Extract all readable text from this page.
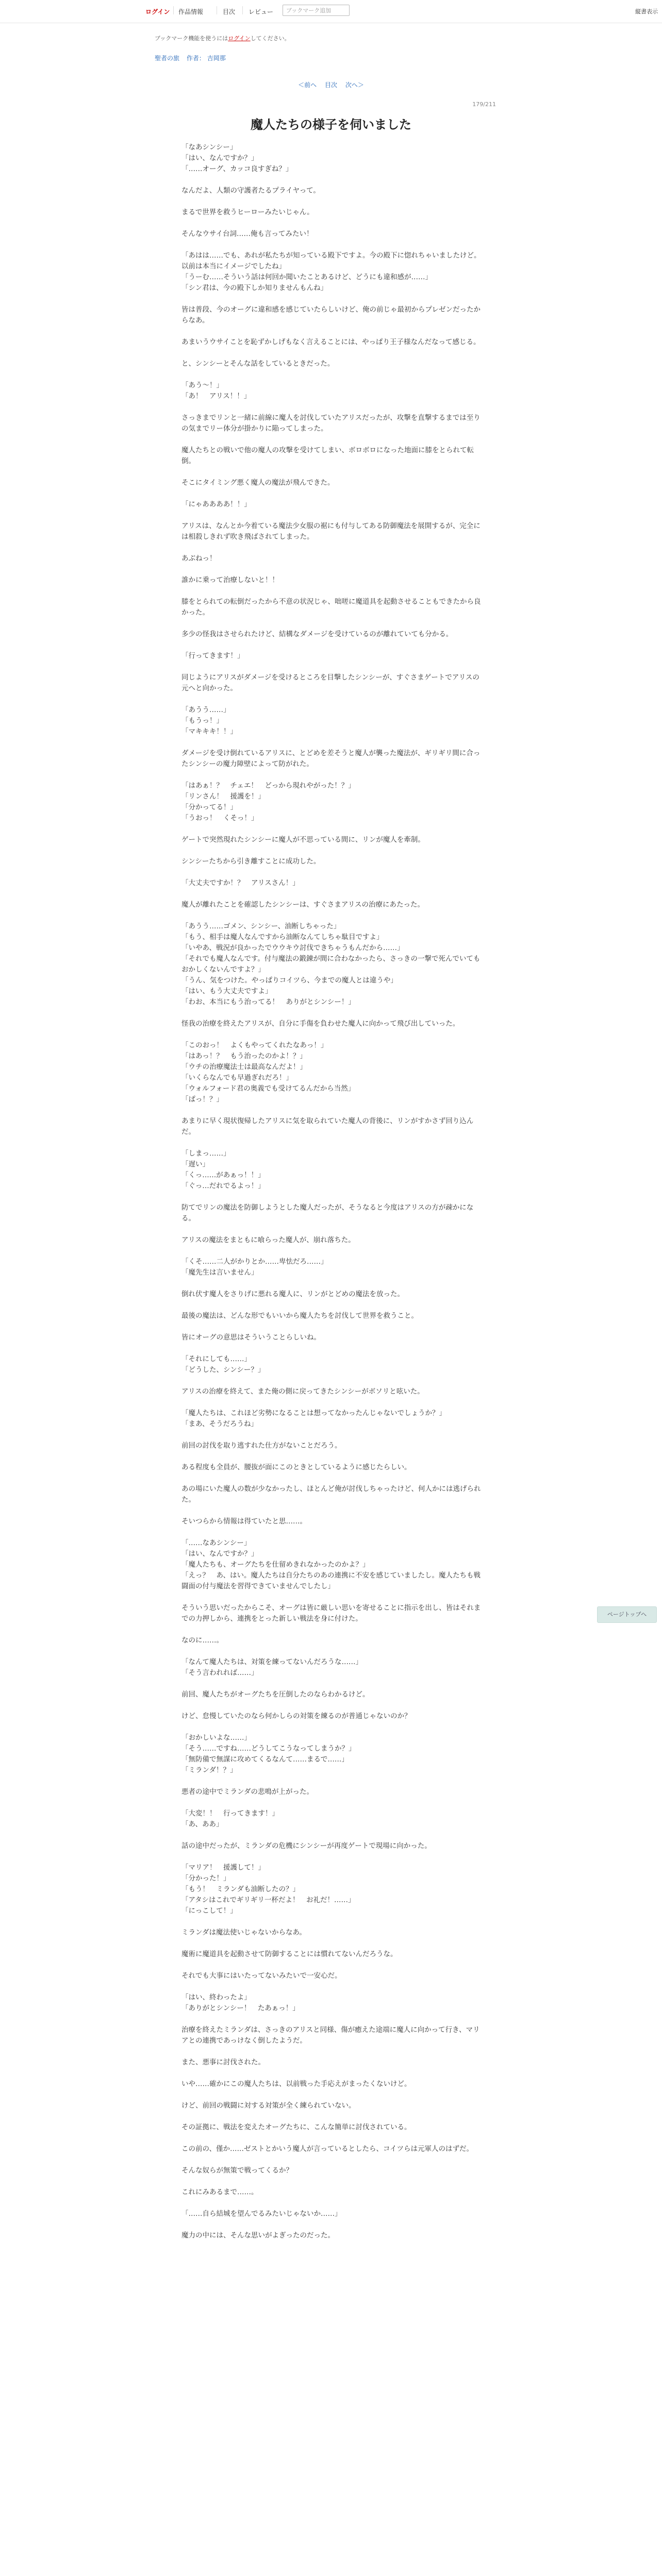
ログイン 作品情報	目次 レビュー	ブックマーク追加	縦書表示
ブックマーク機能を使うにはログインしてください。
聖者の旅 作者： 吉岡那
＜前へ 目次 次へ＞
179/211
魔人たちの様子を伺いました

「なあシンシー」
「はい、なんですか？」
「……オーグ、カッコ良すぎね？」

なんだよ、人類の守護者たるプライヤって。

まるで世界を救うヒーローみたいじゃん。

そんなウサイ台詞……俺も言ってみたい！

「あはは……でも、あれが私たちが知っている殿下ですよ。今の殿下に惚れちゃいましたけど。以前は本当にイメージでしたね」
「うーむ……そういう話は何回か聞いたことあるけど、どうにも違和感が……」
「シン君は、今の殿下しか知りませんもんね」

皆は普段、今のオーグに違和感を感じていたらしいけど、俺の前じゃ最初からプレゼンだったからなあ。

あまいうウサイことを恥ずかしげもなく言えることには、やっぱり王子様なんだなって感じる。

と、シンシーとそんな話をしているときだった。

「あう～！」
「あ！　アリス！！」

さっきまでリンと一緒に前線に魔人を討伐していたアリスだったが、攻撃を直撃するまでは至りの気までリー体分が掛かりに陥ってしまった。

魔人たちとの戦いで他の魔人の攻撃を受けてしまい、ボロボロになった地面に膝をとられて転倒。

そこにタイミング悪く魔人の魔法が飛んできた。

「にゃああああ！！」

アリスは、なんとか今着ている魔法少女服の裾にも付与してある防御魔法を展開するが、完全には相殺しきれず吹き飛ばされてしまった。

あぶねっ！

誰かに乗って治療しないと！！

膝をとられての転倒だったから不意の状況じゃ、咄嗟に魔道具を起動させることもできたから良かった。

多少の怪我はさせられたけど、結構なダメージを受けているのが離れていても分かる。

「行ってきます！」

同じようにアリスがダメージを受けるところを目撃したシンシーが、すぐさまゲートでアリスの元へと向かった。

「あうう……」
「もうっ！」
「マキキキ！！」

ダメージを受け倒れているアリスに、とどめを差そうと魔人が襲った魔法が、ギリギリ間に合ったシンシーの魔力障壁によって防がれた。

「はあぁ！？　チェエ！　どっから現れやがった！？」
「リンさん！　援護を！」
「分かってる！」
「うおっ！　くそっ！」

ゲートで突然現れたシンシーに魔人が不思っている間に、リンが魔人を牽制。

シンシーたちから引き離すことに成功した。

「大丈夫ですか！？　アリスさん！」

魔人が離れたことを確認したシンシーは、すぐさまアリスの治療にあたった。

「あうう……ゴメン、シンシー、油断しちゃった」
「もう、相手は魔人なんですから油断なんてしちゃ駄目ですよ」
「いやあ、戦況が良かったでウウキウ討伐できちゃうもんだから……」
「それでも魔人なんです。付与魔法の鍛錬が間に合わなかったら、さっきの一撃で死んでいてもおかしくないんですよ？」
「うん、気をつけた。やっぱりコイツら、今までの魔人とは違うや」
「はい、もう大丈夫ですよ」
「わお、本当にもう治ってる！　ありがとシンシー！」

怪我の治療を終えたアリスが、自分に手傷を負わせた魔人に向かって飛び出していった。

「このおっ！　よくもやってくれたなあっ！」
「はあっ！？　もう治ったのかよ！？」
「ウチの治療魔法士は最高なんだよ！」
「いくらなんでも早過ぎれだろ！」
「ウォルフォード君の奥義でも受けてるんだから当然」
「ぱっ！？」

あまりに早く現状復帰したアリスに気を取られていた魔人の背後に、リンがすかさず回り込んだ。

「しまっ……」
「遅い」
「くっ……があぁっ！！」
「ぐっ…だれでるよっ！」

防てでリンの魔法を防御しようとした魔人だったが、そうなると今度はアリスの方が疎かになる。

アリスの魔法をまともに喰らった魔人が、崩れ落ちた。

「くそ……二人がかりとか……卑怯だろ……」
「魔先生は言いません」

倒れ伏す魔人をさりげに悪れる魔人に、リンがとどめの魔法を放った。

最後の魔法は、どんな形でもいいから魔人たちを討伐して世界を救うこと。

皆にオーグの意思はそういうことらしいね。

「それにしても……」
「どうした、シンシー？」

アリスの治療を終えて、また俺の側に戻ってきたシンシーがボソリと呟いた。

「魔人たちは、これほど劣勢になることは想ってなかったんじゃないでしょうか？」
「まあ、そうだろうね」

前回の討伐を取り逃すれた仕方がないことだろう。

ある程度も全員が、腰抜が面にこのときとしているように感じたらしい。

あの場にいた魔人の数が少なかったし、ほとんど俺が討伐しちゃったけど、何人かには逃げられた。

そいつらから情報は得ていたと思……。

「……なあシンシー」
「はい、なんですか？」
「魔人たちも、オーグたちを仕留めきれなかったのかよ？」
「えっ？　あ、はい。魔人たちは自分たちのあの連携に不安を感じていましたし。魔人たちも戦闘面の付与魔法を習得できていませんでしたし」

そういう思いだったからこそ、オーグは皆に厳しい思いを寄せることに指示を出し、皆はそれまでの力押しから、連携をとった新しい戦法を身に付けた。

なのに……。

「なんて魔人たちは、対策を練ってないんだろうな……」
「そう言われれば……」

前回、魔人たちがオーグたちを圧倒したのならわかるけど。

けど、怠慢していたのなら何かしらの対策を練るのが普通じゃないのか？

「おかしいよな……」
「そう……ですね……どうしてこうなってしまうか？」
「無防備で無謀に攻めてくるなんて……まるで……」
「ミランダ！？」

悪者の途中でミランダの悲鳴が上がった。

「大変！！　行ってきます！」
「あ、ああ」

話の途中だったが、ミランダの危機にシンシーが再度ゲートで現場に向かった。

「マリア！　援護して！」
「分かった！」
「もう！　ミランダも油断したの？」
「アタシはこれでギリギリ一杯だよ！　お礼だ！……」
「にっこして！」

ミランダは魔法使いじゃないからなあ。

魔術に魔道具を起動させて防御することには慣れてないんだろうな。

それでも大事にはいたってないみたいで一安心だ。

「はい、終わったよ」
「ありがとシンシー！　たあぁっ！」

治療を終えたミランダは、さっきのアリスと同様、傷が癒えた途端に魔人に向かって行き、マリアとの連携であっけなく倒したようだ。

また、悪事に討伐された。

いや……確かにこの魔人たちは、以前戦った手応えがまったくないけど。

けど、前回の戦闘に対する対策が全く練られていない。

その証拠に、戦法を変えたオーグたちに、こんな簡単に討伐されている。

この前の、僅か……ゼストとかいう魔人が言っているとしたら、コイツらは元軍人のはずだ。

そんな奴らが無策で戦ってくるか？

これにみあるまで……。

「……自ら結城を望んでるみたいじゃないか……」

魔力の中には、そんな思いがよぎったのだった。

ページトップへ
